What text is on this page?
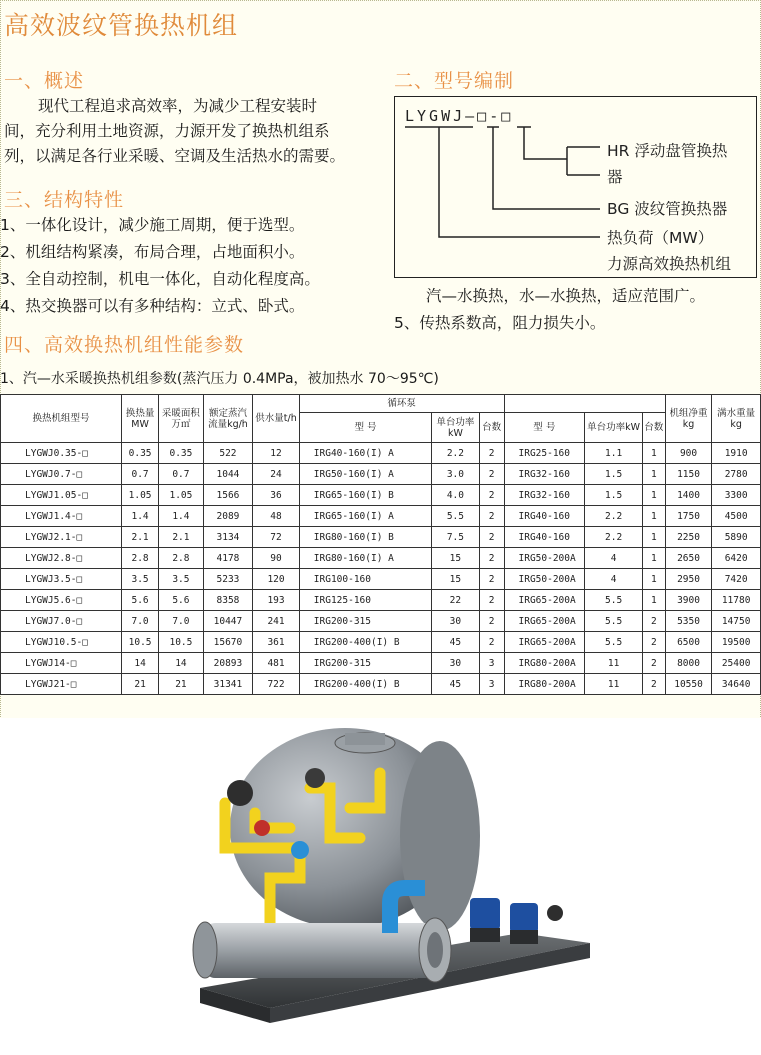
高效波纹管换热机组
一、概述
现代工程追求高效率，为减少工程安装时
间，充分利用土地资源，力源开发了换热机组系
列，以满足各行业采暖、空调及生活热水的需要。
三、结构特性
1、一体化设计，减少施工周期，便于选型。
2、机组结构紧凑，布局合理，占地面积小。
3、全自动控制，机电一体化，自动化程度高。
4、热交换器可以有多种结构：立式、卧式。
汽—水换热，水—水换热，适应范围广。
5、传热系数高，阻力损失小。
二、型号编制
LYGWJ—□-□
HR 浮动盘管换热
器
BG 波纹管换热器
热负荷（MW）
力源高效换热机组
四、高效换热机组性能参数
1、汽—水采暖换热机组参数(蒸汽压力 0.4MPa，被加热水 70～95℃)
换热机组型号	换热量MW	采暖面积万㎡	额定蒸汽流量kg/h	供水量t/h	循环泵						机组净重kg	满水重量kg
					型 号	单台功率kW	台数	型 号	单台功率kW	台数		
LYGWJ0.35-□	0.35	0.35	522	12	IRG40-160(I) A	2.2	2	IRG25-160	1.1	1	900	1910
LYGWJ0.7-□	0.7	0.7	1044	24	IRG50-160(I) A	3.0	2	IRG32-160	1.5	1	1150	2780
LYGWJ1.05-□	1.05	1.05	1566	36	IRG65-160(I) B	4.0	2	IRG32-160	1.5	1	1400	3300
LYGWJ1.4-□	1.4	1.4	2089	48	IRG65-160(I) A	5.5	2	IRG40-160	2.2	1	1750	4500
LYGWJ2.1-□	2.1	2.1	3134	72	IRG80-160(I) B	7.5	2	IRG40-160	2.2	1	2250	5890
LYGWJ2.8-□	2.8	2.8	4178	90	IRG80-160(I) A	15	2	IRG50-200A	4	1	2650	6420
LYGWJ3.5-□	3.5	3.5	5233	120	IRG100-160	15	2	IRG50-200A	4	1	2950	7420
LYGWJ5.6-□	5.6	5.6	8358	193	IRG125-160	22	2	IRG65-200A	5.5	1	3900	11780
LYGWJ7.0-□	7.0	7.0	10447	241	IRG200-315	30	2	IRG65-200A	5.5	2	5350	14750
LYGWJ10.5-□	10.5	10.5	15670	361	IRG200-400(I) B	45	2	IRG65-200A	5.5	2	6500	19500
LYGWJ14-□	14	14	20893	481	IRG200-315	30	3	IRG80-200A	11	2	8000	25400
LYGWJ21-□	21	21	31341	722	IRG200-400(I) B	45	3	IRG80-200A	11	2	10550	34640
